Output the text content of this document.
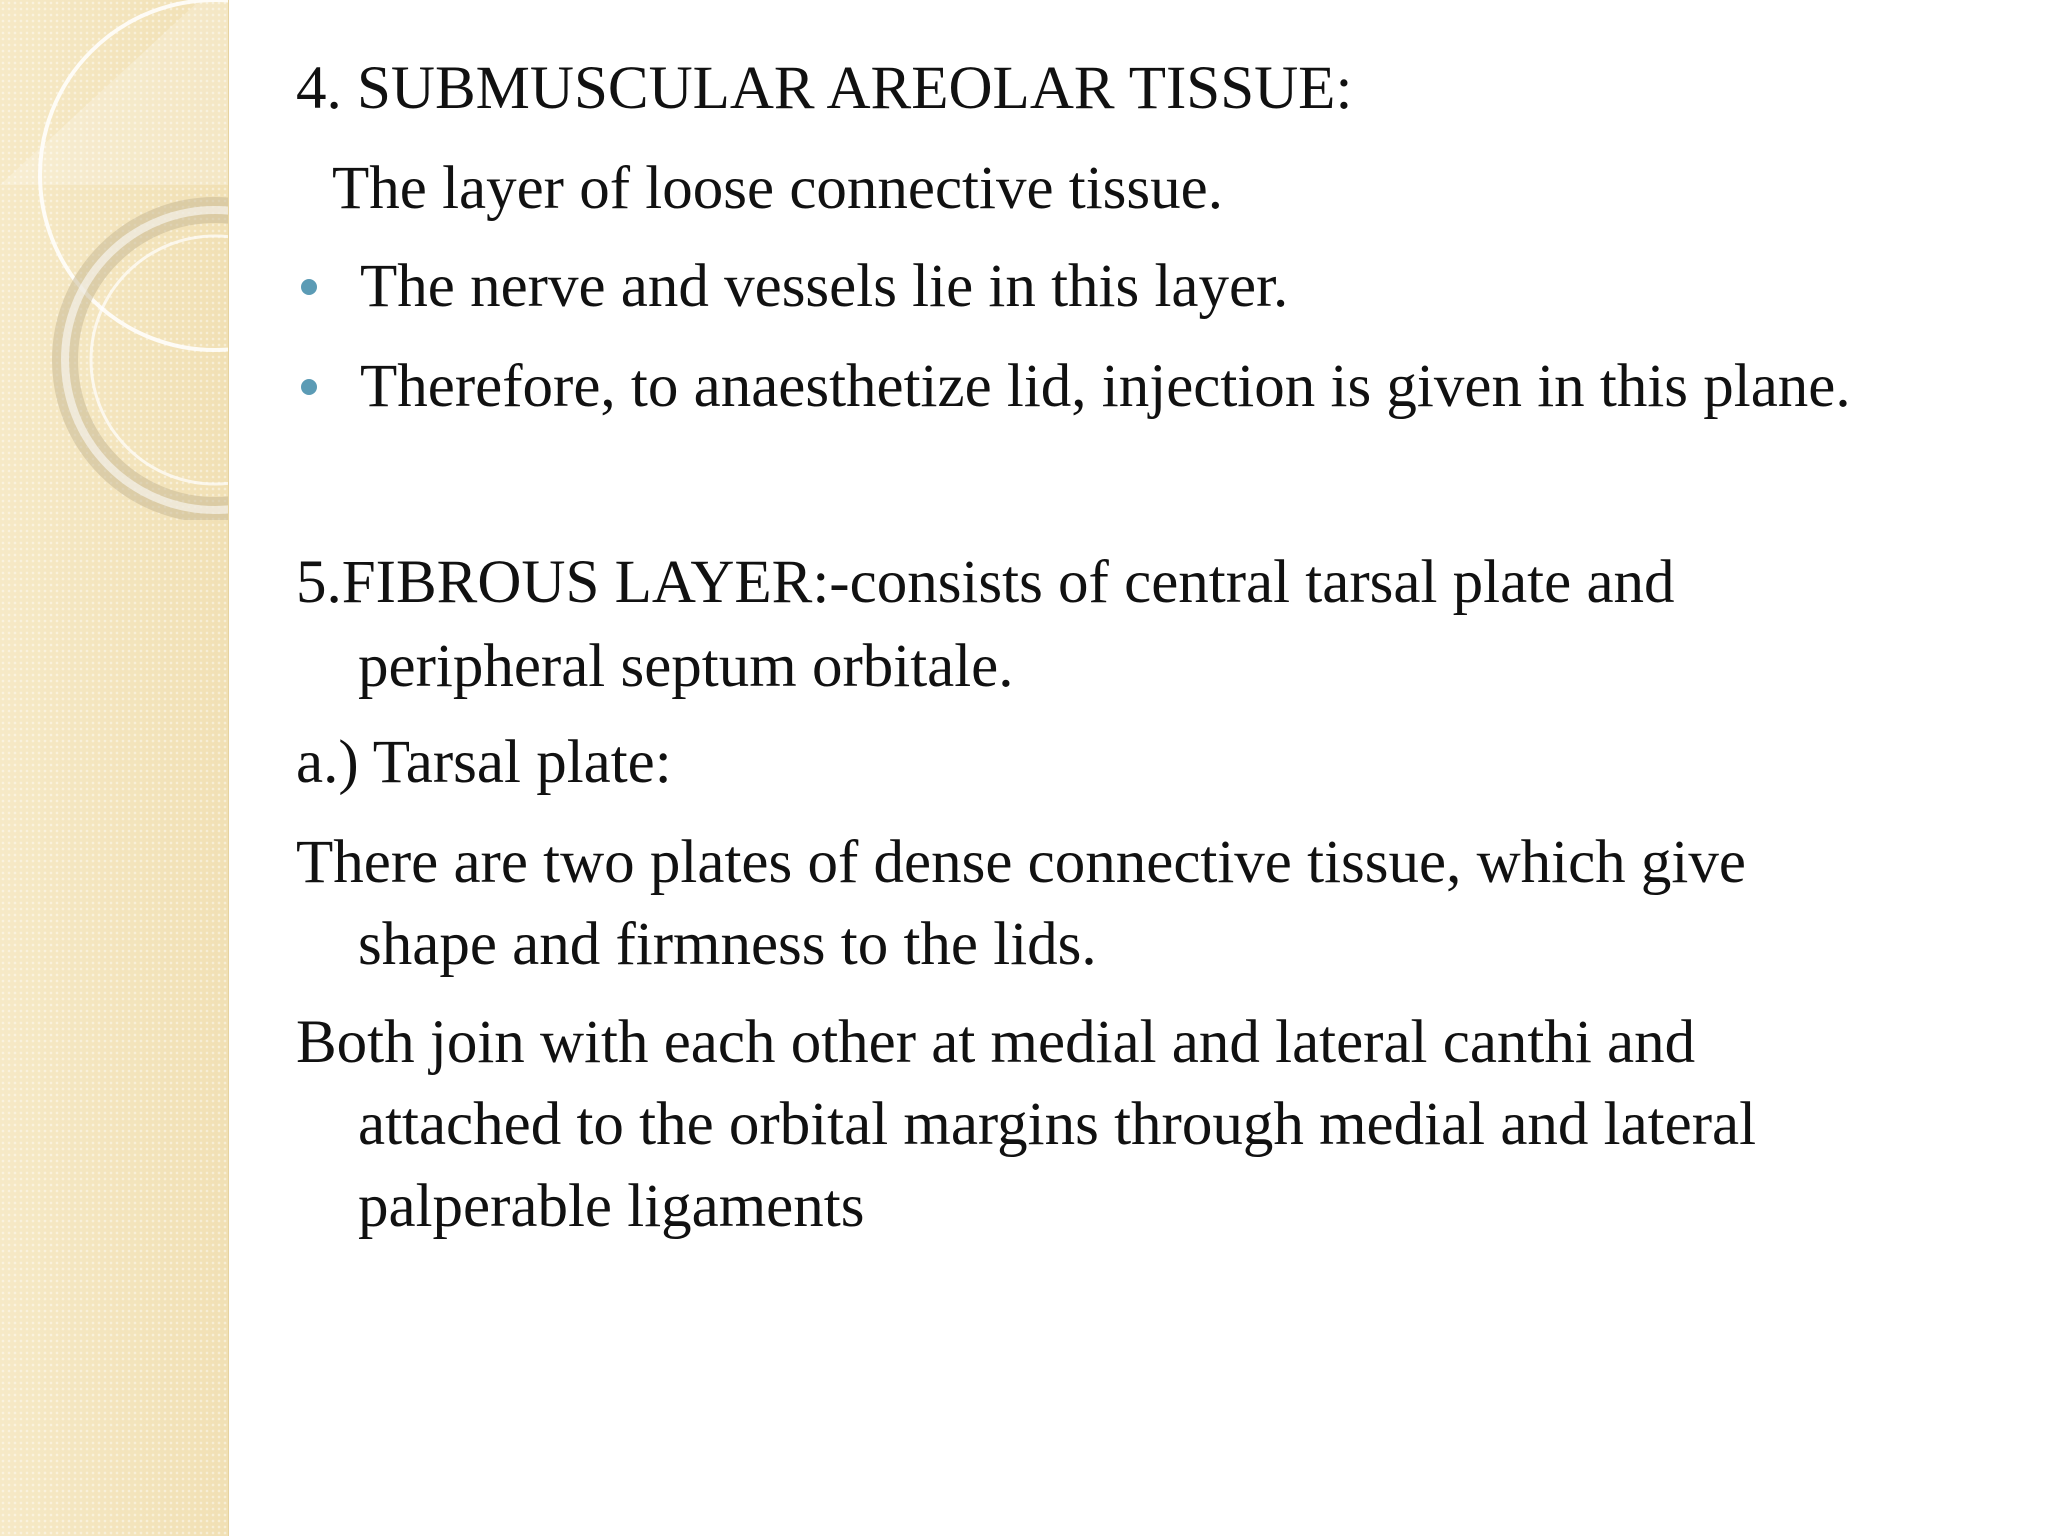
4. SUBMUSCULAR AREOLAR TISSUE:
The layer of loose connective tissue.
The nerve and vessels lie in this layer.
Therefore, to anaesthetize lid, injection is given in this plane.
5.FIBROUS LAYER:-consists of central tarsal plate and
peripheral septum orbitale.
a.) Tarsal plate:
There are two plates of dense connective tissue, which give
shape and firmness to the lids.
Both join with each other at medial and lateral canthi and
attached to the orbital margins through medial and lateral
palperable ligaments
